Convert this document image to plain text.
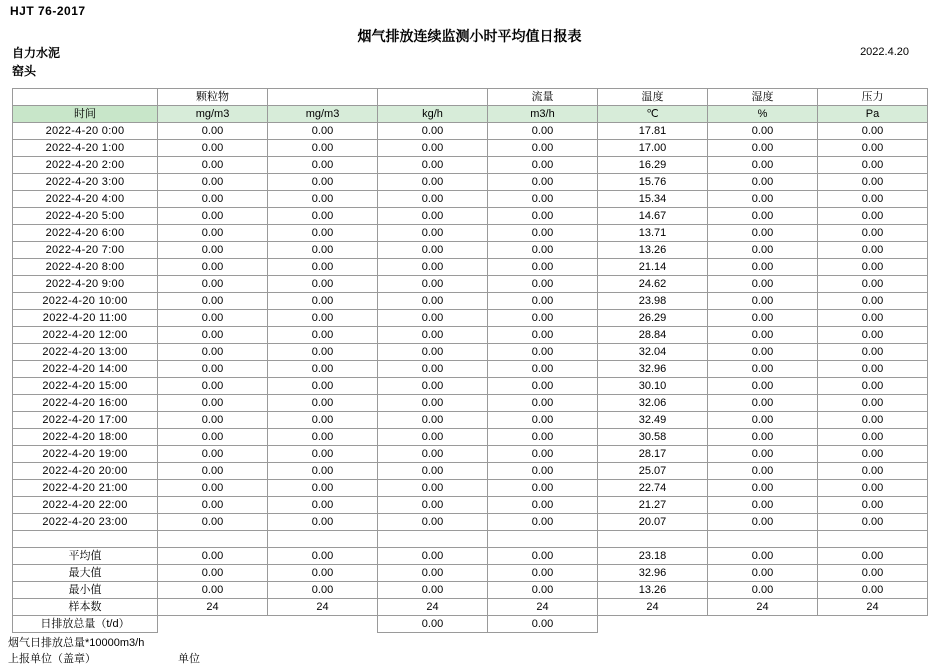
HJT 76-2017
烟气排放连续监测小时平均值日报表
自力水泥
窑头
2022.4.20
	颗粒物			流量	温度	湿度	压力
时间	mg/m3	mg/m3	kg/h	m3/h	℃	%	Pa
2022-4-20 0:00	0.00	0.00	0.00	0.00	17.81	0.00	0.00
2022-4-20 1:00	0.00	0.00	0.00	0.00	17.00	0.00	0.00
2022-4-20 2:00	0.00	0.00	0.00	0.00	16.29	0.00	0.00
2022-4-20 3:00	0.00	0.00	0.00	0.00	15.76	0.00	0.00
2022-4-20 4:00	0.00	0.00	0.00	0.00	15.34	0.00	0.00
2022-4-20 5:00	0.00	0.00	0.00	0.00	14.67	0.00	0.00
2022-4-20 6:00	0.00	0.00	0.00	0.00	13.71	0.00	0.00
2022-4-20 7:00	0.00	0.00	0.00	0.00	13.26	0.00	0.00
2022-4-20 8:00	0.00	0.00	0.00	0.00	21.14	0.00	0.00
2022-4-20 9:00	0.00	0.00	0.00	0.00	24.62	0.00	0.00
2022-4-20 10:00	0.00	0.00	0.00	0.00	23.98	0.00	0.00
2022-4-20 11:00	0.00	0.00	0.00	0.00	26.29	0.00	0.00
2022-4-20 12:00	0.00	0.00	0.00	0.00	28.84	0.00	0.00
2022-4-20 13:00	0.00	0.00	0.00	0.00	32.04	0.00	0.00
2022-4-20 14:00	0.00	0.00	0.00	0.00	32.96	0.00	0.00
2022-4-20 15:00	0.00	0.00	0.00	0.00	30.10	0.00	0.00
2022-4-20 16:00	0.00	0.00	0.00	0.00	32.06	0.00	0.00
2022-4-20 17:00	0.00	0.00	0.00	0.00	32.49	0.00	0.00
2022-4-20 18:00	0.00	0.00	0.00	0.00	30.58	0.00	0.00
2022-4-20 19:00	0.00	0.00	0.00	0.00	28.17	0.00	0.00
2022-4-20 20:00	0.00	0.00	0.00	0.00	25.07	0.00	0.00
2022-4-20 21:00	0.00	0.00	0.00	0.00	22.74	0.00	0.00
2022-4-20 22:00	0.00	0.00	0.00	0.00	21.27	0.00	0.00
2022-4-20 23:00	0.00	0.00	0.00	0.00	20.07	0.00	0.00

平均值	0.00	0.00	0.00	0.00	23.18	0.00	0.00
最大值	0.00	0.00	0.00	0.00	32.96	0.00	0.00
最小值	0.00	0.00	0.00	0.00	13.26	0.00	0.00
样本数	24	24	24	24	24	24	24
日排放总量（t/d）			0.00	0.00			
烟气日排放总量*10000m3/h
上报单位（盖章）	单位
